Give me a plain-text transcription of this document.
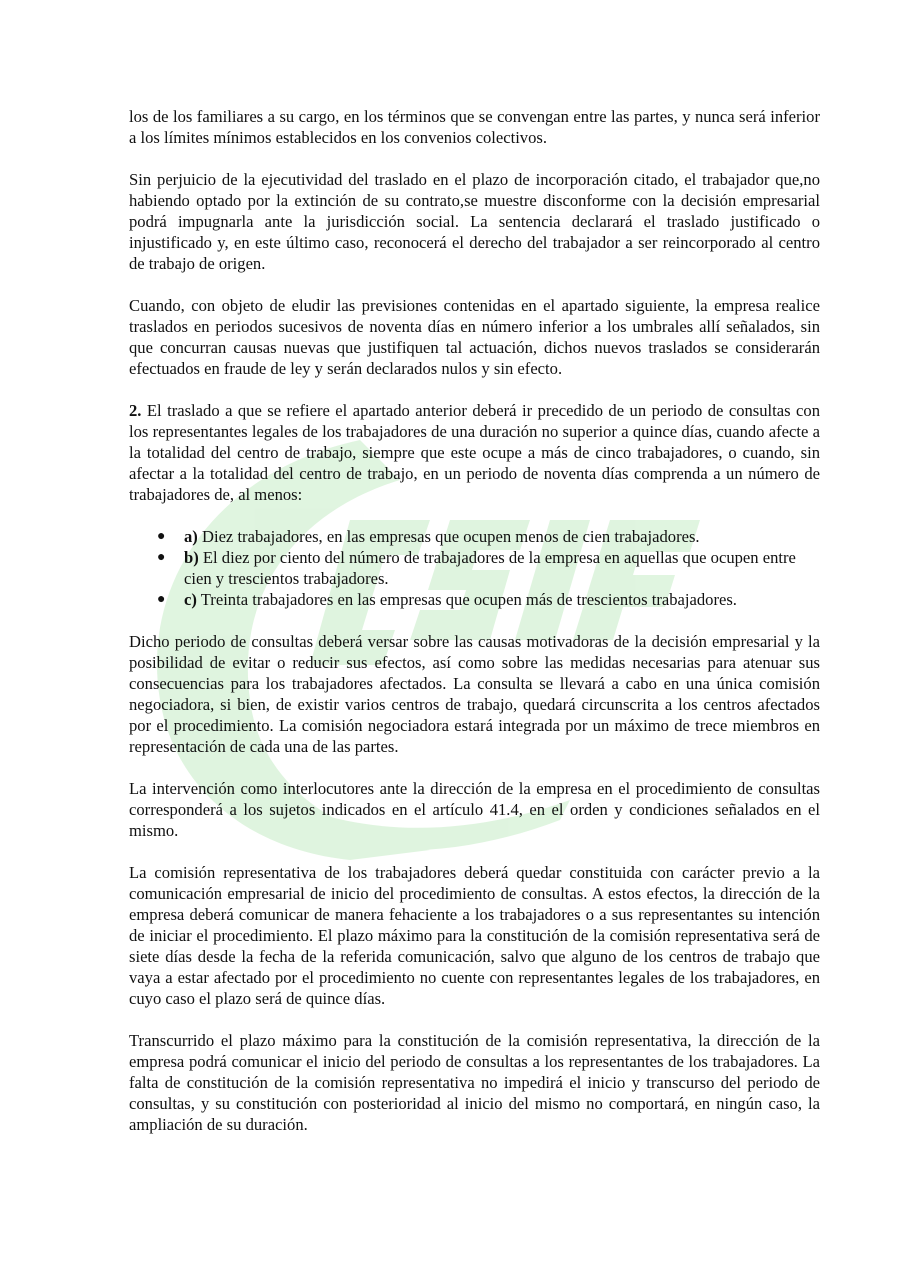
los de los familiares a su cargo, en los términos que se convengan entre las partes, y nunca será inferior a los límites mínimos establecidos en los convenios colectivos.

Sin perjuicio de la ejecutividad del traslado en el plazo de incorporación citado, el trabajador que,no habiendo optado por la extinción de su contrato,se muestre disconforme con la decisión empresarial podrá impugnarla ante la jurisdicción social. La sentencia declarará el traslado justificado o injustificado y, en este último caso, reconocerá el derecho del trabajador a ser reincorporado al centro de trabajo de origen.

Cuando, con objeto de eludir las previsiones contenidas en el apartado siguiente, la empresa realice traslados en periodos sucesivos de noventa días en número inferior a los umbrales allí señalados, sin que concurran causas nuevas que justifiquen tal actuación, dichos nuevos traslados se considerarán efectuados en fraude de ley y serán declarados nulos y sin efecto.

2. El traslado a que se refiere el apartado anterior deberá ir precedido de un periodo de consultas con los representantes legales de los trabajadores de una duración no superior a quince días, cuando afecte a la totalidad del centro de trabajo, siempre que este ocupe a más de cinco trabajadores, o cuando, sin afectar a la totalidad del centro de trabajo, en un periodo de noventa días comprenda a un número de trabajadores de, al menos:

● a) Diez trabajadores, en las empresas que ocupen menos de cien trabajadores.
● b) El diez por ciento del número de trabajadores de la empresa en aquellas que ocupen entre cien y trescientos trabajadores.
● c) Treinta trabajadores en las empresas que ocupen más de trescientos trabajadores.

Dicho periodo de consultas deberá versar sobre las causas motivadoras de la decisión empresarial y la posibilidad de evitar o reducir sus efectos, así como sobre las medidas necesarias para atenuar sus consecuencias para los trabajadores afectados. La consulta se llevará a cabo en una única comisión negociadora, si bien, de existir varios centros de trabajo, quedará circunscrita a los centros afectados por el procedimiento. La comisión negociadora estará integrada por un máximo de trece miembros en representación de cada una de las partes.

La intervención como interlocutores ante la dirección de la empresa en el procedimiento de consultas corresponderá a los sujetos indicados en el artículo 41.4, en el orden y condiciones señalados en el mismo.

La comisión representativa de los trabajadores deberá quedar constituida con carácter previo a la comunicación empresarial de inicio del procedimiento de consultas. A estos efectos, la dirección de la empresa deberá comunicar de manera fehaciente a los trabajadores o a sus representantes su intención de iniciar el procedimiento. El plazo máximo para la constitución de la comisión representativa será de siete días desde la fecha de la referida comunicación, salvo que alguno de los centros de trabajo que vaya a estar afectado por el procedimiento no cuente con representantes legales de los trabajadores, en cuyo caso el plazo será de quince días.

Transcurrido el plazo máximo para la constitución de la comisión representativa, la dirección de la empresa podrá comunicar el inicio del periodo de consultas a los representantes de los trabajadores. La falta de constitución de la comisión representativa no impedirá el inicio y transcurso del periodo de consultas, y su constitución con posterioridad al inicio del mismo no comportará, en ningún caso, la ampliación de su duración.
